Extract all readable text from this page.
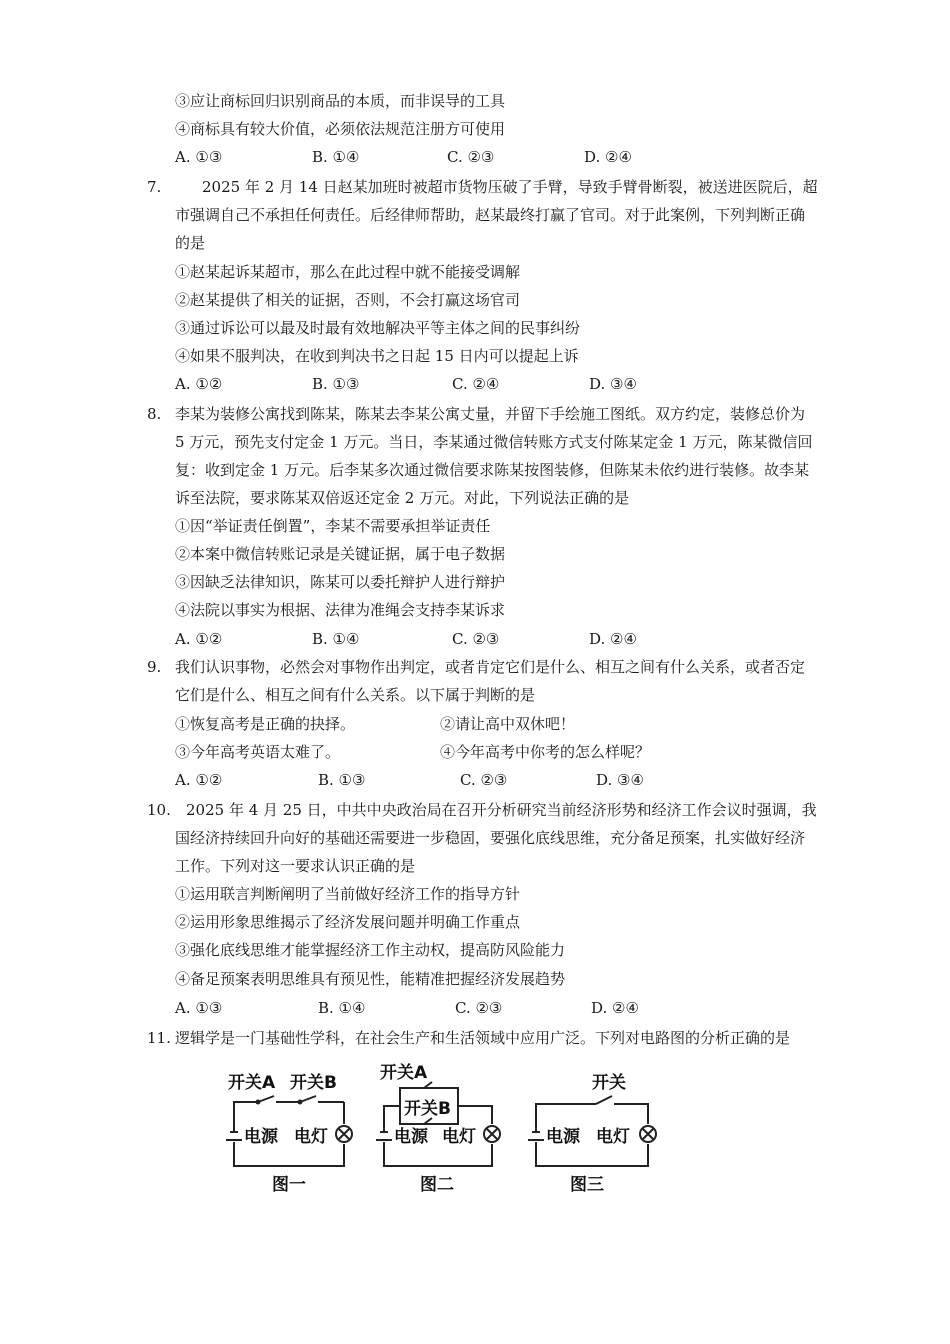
③应让商标回归识别商品的本质，而非误导的工具
④商标具有较大价值，必须依法规范注册方可使用
A. ①③	B. ①④	C. ②③	D. ②④
7.	2025 年 2 月 14 日赵某加班时被超市货物压破了手臂，导致手臂骨断裂，被送进医院后，超
市强调自己不承担任何责任。后经律师帮助，赵某最终打赢了官司。对于此案例，下列判断正确
的是
①赵某起诉某超市，那么在此过程中就不能接受调解
②赵某提供了相关的证据，否则，不会打赢这场官司
③通过诉讼可以最及时最有效地解决平等主体之间的民事纠纷
④如果不服判决，在收到判决书之日起 15 日内可以提起上诉
A. ①②	B. ①③	C. ②④	D. ③④
8. 李某为装修公寓找到陈某，陈某去李某公寓丈量，并留下手绘施工图纸。双方约定，装修总价为
5 万元，预先支付定金 1 万元。当日，李某通过微信转账方式支付陈某定金 1 万元，陈某微信回
复：收到定金 1 万元。后李某多次通过微信要求陈某按图装修，但陈某未依约进行装修。故李某
诉至法院，要求陈某双倍返还定金 2 万元。对此，下列说法正确的是
①因“举证责任倒置”，李某不需要承担举证责任
②本案中微信转账记录是关键证据，属于电子数据
③因缺乏法律知识，陈某可以委托辩护人进行辩护
④法院以事实为根据、法律为准绳会支持李某诉求
A. ①②	B. ①④	C. ②③	D. ②④
9. 我们认识事物，必然会对事物作出判定，或者肯定它们是什么、相互之间有什么关系，或者否定
它们是什么、相互之间有什么关系。以下属于判断的是
①恢复高考是正确的抉择。	②请让高中双休吧！
③今年高考英语太难了。	④今年高考中你考的怎么样呢？
A. ①②	B. ①③	C. ②③	D. ③④
10. 2025 年 4 月 25 日，中共中央政治局在召开分析研究当前经济形势和经济工作会议时强调，我
国经济持续回升向好的基础还需要进一步稳固，要强化底线思维，充分备足预案，扎实做好经济
工作。下列对这一要求认识正确的是
①运用联言判断阐明了当前做好经济工作的指导方针
②运用形象思维揭示了经济发展问题并明确工作重点
③强化底线思维才能掌握经济工作主动权，提高防风险能力
④备足预案表明思维具有预见性，能精准把握经济发展趋势
A. ①③	B. ①④	C. ②③	D. ②④
11. 逻辑学是一门基础性学科，在社会生产和生活领域中应用广泛。下列对电路图的分析正确的是
开关A 开关B
电源 电灯
图一
开关A
开关B
电源 电灯
图二
开关
电源 电灯
图三
